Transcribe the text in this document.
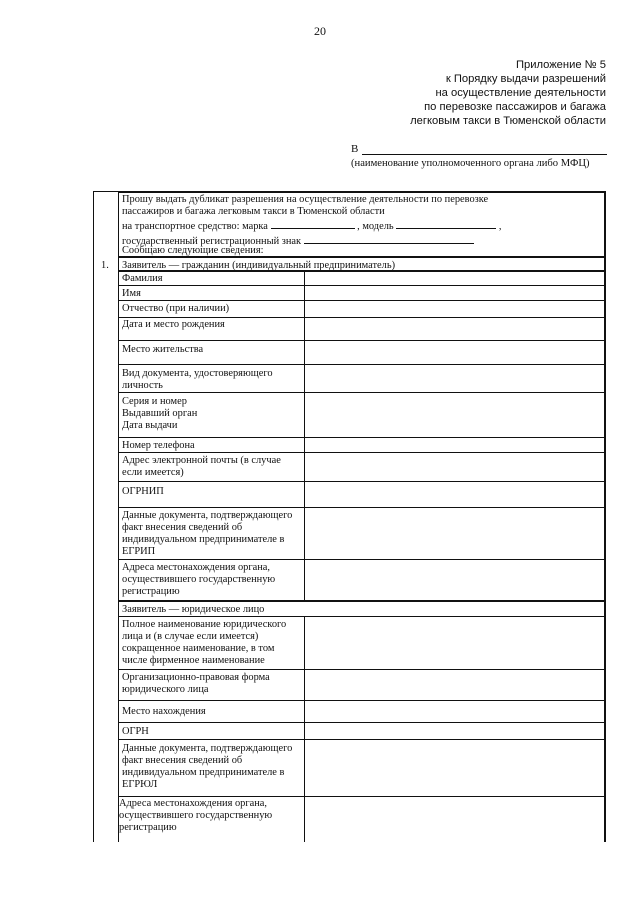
20
Приложение № 5
к Порядку выдачи разрешений
на осуществление деятельности
по перевозке пассажиров и багажа
легковым такси в Тюменской области
В
(наименование уполномоченного органа либо МФЦ)
Прошу выдать дубликат разрешения на осуществление деятельности по перевозке
пассажиров и багажа легковым такси в Тюменской области
на транспортное средство: марка	, модель	,
государственный регистрационный знак
Сообщаю следующие сведения:
1. Заявитель — гражданин (индивидуальный предприниматель)
Фамилия
Имя
Отчество (при наличии)
Дата и место рождения
Место жительства
Вид документа, удостоверяющего
личность
Серия и номер
Выдавший орган
Дата выдачи
Номер телефона
Адрес электронной почты (в случае
если имеется)
ОГРНИП
Данные документа, подтверждающего
факт внесения сведений об
индивидуальном предпринимателе в
ЕГРИП
Адреса местонахождения органа,
осуществившего государственную
регистрацию
Заявитель — юридическое лицо
Полное наименование юридического
лица и (в случае если имеется)
сокращенное наименование, в том
числе фирменное наименование
Организационно-правовая форма
юридического лица
Место нахождения
ОГРН
Данные документа, подтверждающего
факт внесения сведений об
индивидуальном предпринимателе в
ЕГРЮЛ
Адреса местонахождения органа,
осуществившего государственную
регистрацию
